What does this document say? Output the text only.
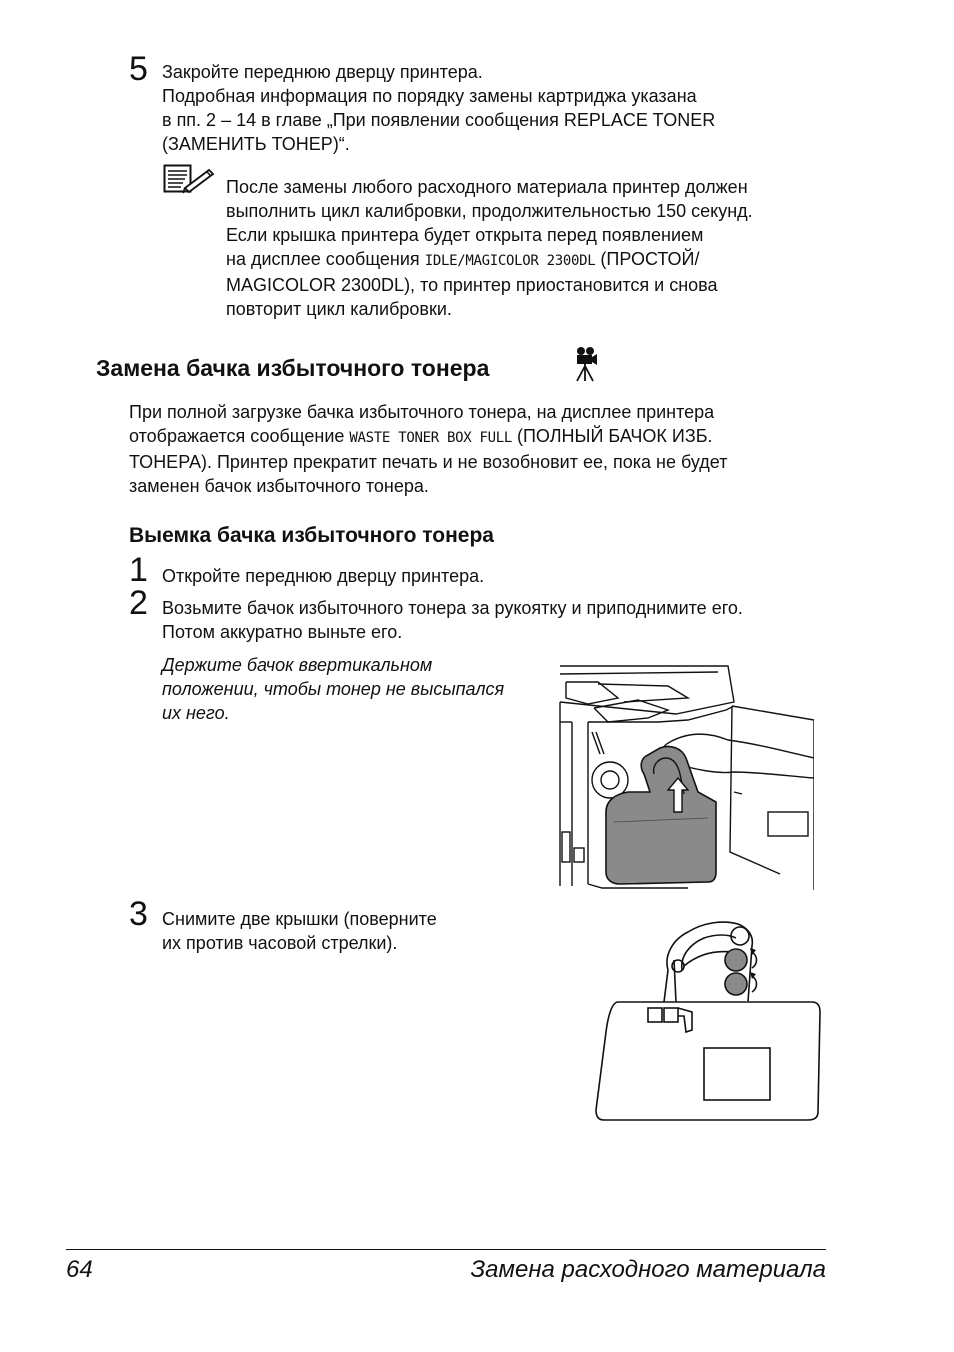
5 Закройте переднюю дверцу принтера.
Подробная информация по порядку замены картриджа указана
в пп. 2 – 14 в главе „При появлении сообщения REPLACE TONER
(ЗАМЕНИТЬ ТОНЕР)“.
После замены любого расходного материала принтер должен
выполнить цикл калибровки, продолжительностью 150 секунд.
Если крышка принтера будет открыта перед появлением
на дисплее сообщения IDLE/MAGICOLOR 2300DL (ПРОСТОЙ/
MAGICOLOR 2300DL), то принтер приостановится и снова
повторит цикл калибровки.
Замена бачка избыточного тонера
При полной загрузке бачка избыточного тонера, на дисплее принтера
отображается сообщение WASTE TONER BOX FULL (ПОЛНЫЙ БАЧОК ИЗБ.
ТОНЕРА). Принтер прекратит печать и не возобновит ее, пока не будет
заменен бачок избыточного тонера.
Выемка бачка избыточного тонера
1 Откройте переднюю дверцу принтера.
2 Возьмите бачок избыточного тонера за рукоятку и приподнимите его.
Потом аккуратно выньте его.
Держите бачок ввертикальном
положении, чтобы тонер не высыпался
их него.
3 Снимите две крышки (поверните
их против часовой стрелки).
64	Замена расходного материала
